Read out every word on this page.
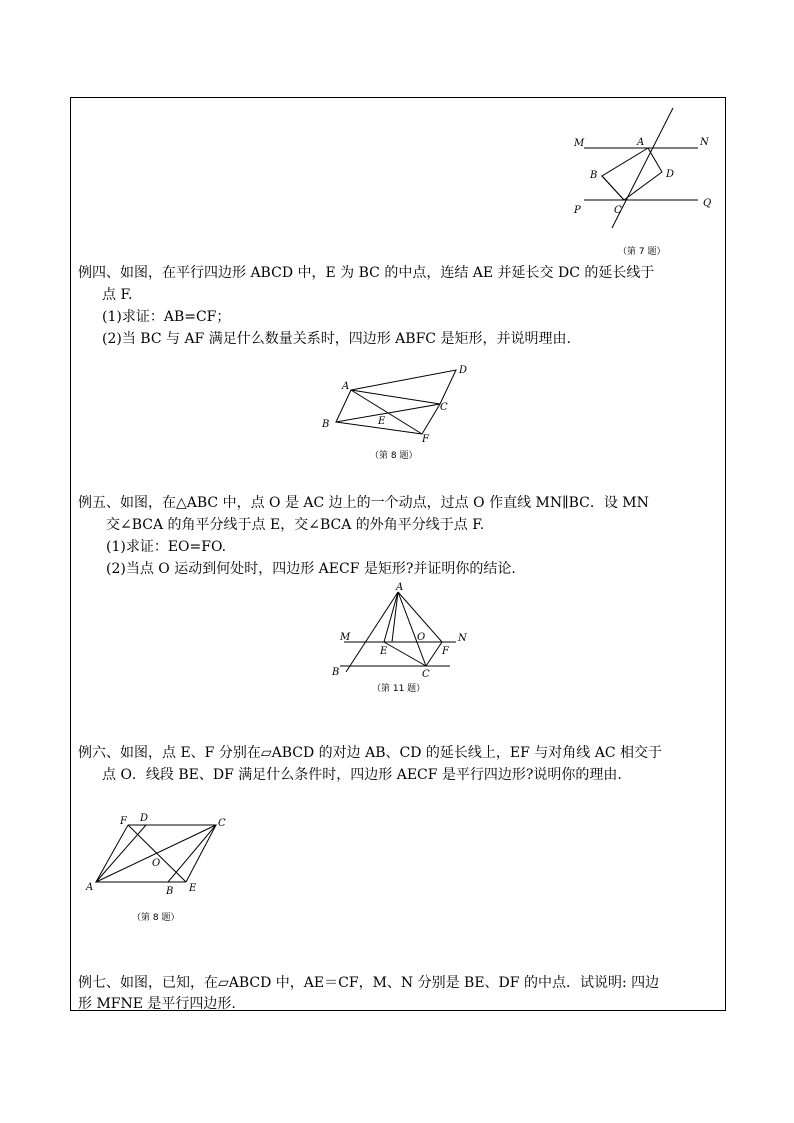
M	A	N
B	D
P	C
Q
（第 7 题）
例四、如图，在平行四边形 ABCD 中，E 为 BC 的中点，连结 AE 并延长交 DC 的延长线于
点 F.
(1)求证：AB=CF；
(2)当 BC 与 AF 满足什么数量关系时，四边形 ABFC 是矩形，并说明理由.
A
D
C
E
B
F
（第 8 题）
例五、如图，在△ABC 中，点 O 是 AC 边上的一个动点，过点 O 作直线 MN∥BC．设 MN
交∠BCA 的角平分线于点 E，交∠BCA 的外角平分线于点 F.
(1)求证：EO=FO.
(2)当点 O 运动到何处时，四边形 AECF 是矩形?并证明你的结论.
A
M
E
O	N
F
B	C
（第 11 题）
例六、如图，点 E、F 分别在▱ABCD 的对边 AB、CD 的延长线上，EF 与对角线 AC 相交于
点 O．线段 BE、DF 满足什么条件时，四边形 AECF 是平行四边形?说明你的理由.
F D	C
O
A	B E
（第 8 题）
例七、如图，已知，在▱ABCD 中，AE＝CF，M、N 分别是 BE、DF 的中点．试说明: 四边
形 MFNE 是平行四边形.
